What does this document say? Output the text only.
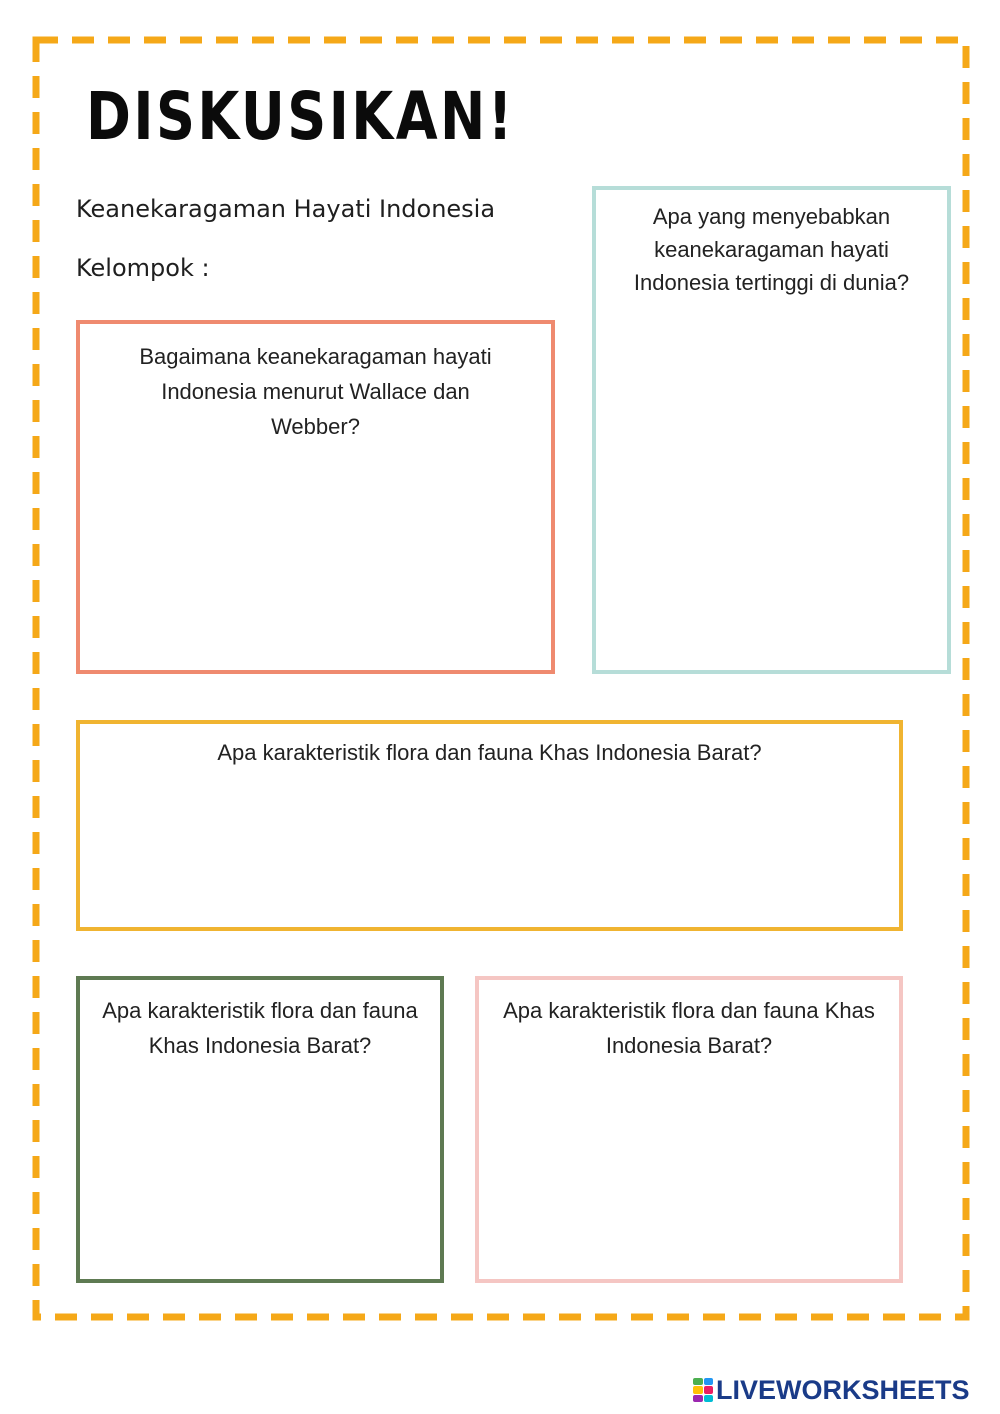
DISKUSIKAN!
Keanekaragaman Hayati Indonesia
Kelompok :
Bagaimana keanekaragaman hayati Indonesia menurut Wallace dan Webber?
Apa yang menyebabkan keanekaragaman hayati Indonesia tertinggi di dunia?
Apa karakteristik flora dan fauna Khas Indonesia Barat?
Apa karakteristik flora dan fauna Khas Indonesia Barat?
Apa karakteristik flora dan fauna Khas Indonesia Barat?
LIVEWORKSHEETS
